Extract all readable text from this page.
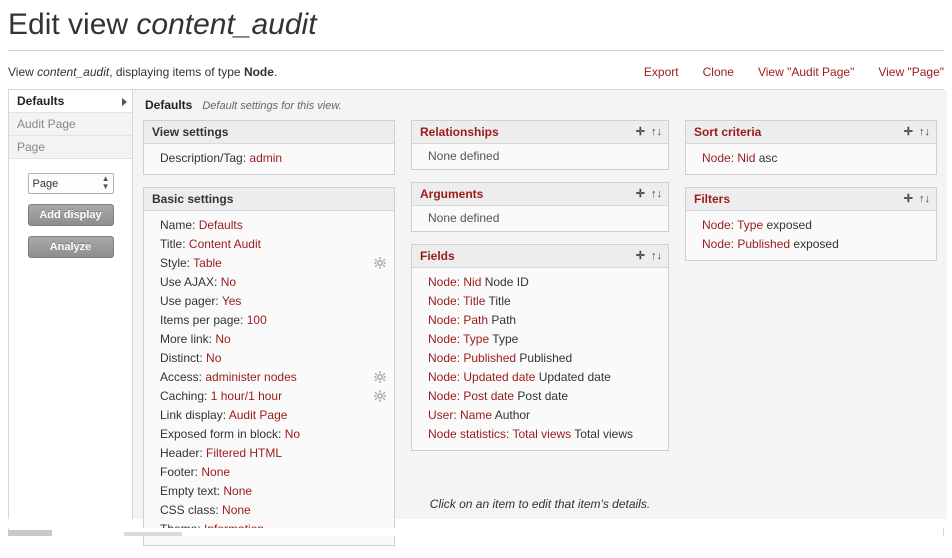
Edit view content_audit
View content_audit, displaying items of type Node.	Export Clone View "Audit Page" View "Page"
Defaults
Audit Page
Page
Page
▲
▼
Add display
Analyze
Defaults Default settings for this view.
View settings
Description/Tag: admin
Basic settings
Name: Defaults
Title: Content Audit
Style: Table
Use AJAX: No
Use pager: Yes
Items per page: 100
More link: No
Distinct: No
Access: administer nodes
Caching: 1 hour/1 hour
Link display: Audit Page
Exposed form in block: No
Header: Filtered HTML
Footer: None
Empty text: None
CSS class: None
Relationships	✛ ↑↓
None defined
Arguments	✛ ↑↓
None defined
Fields	✛ ↑↓
Node: Nid Node ID
Node: Title Title
Node: Path Path
Node: Type Type
Node: Published Published
Node: Updated date Updated date
Node: Post date Post date
User: Name Author
Node statistics: Total views Total views
Sort criteria	✛ ↑↓
Node: Nid asc
Filters	✛ ↑↓
Node: Type exposed
Node: Published exposed
Click on an item to edit that item's details.
